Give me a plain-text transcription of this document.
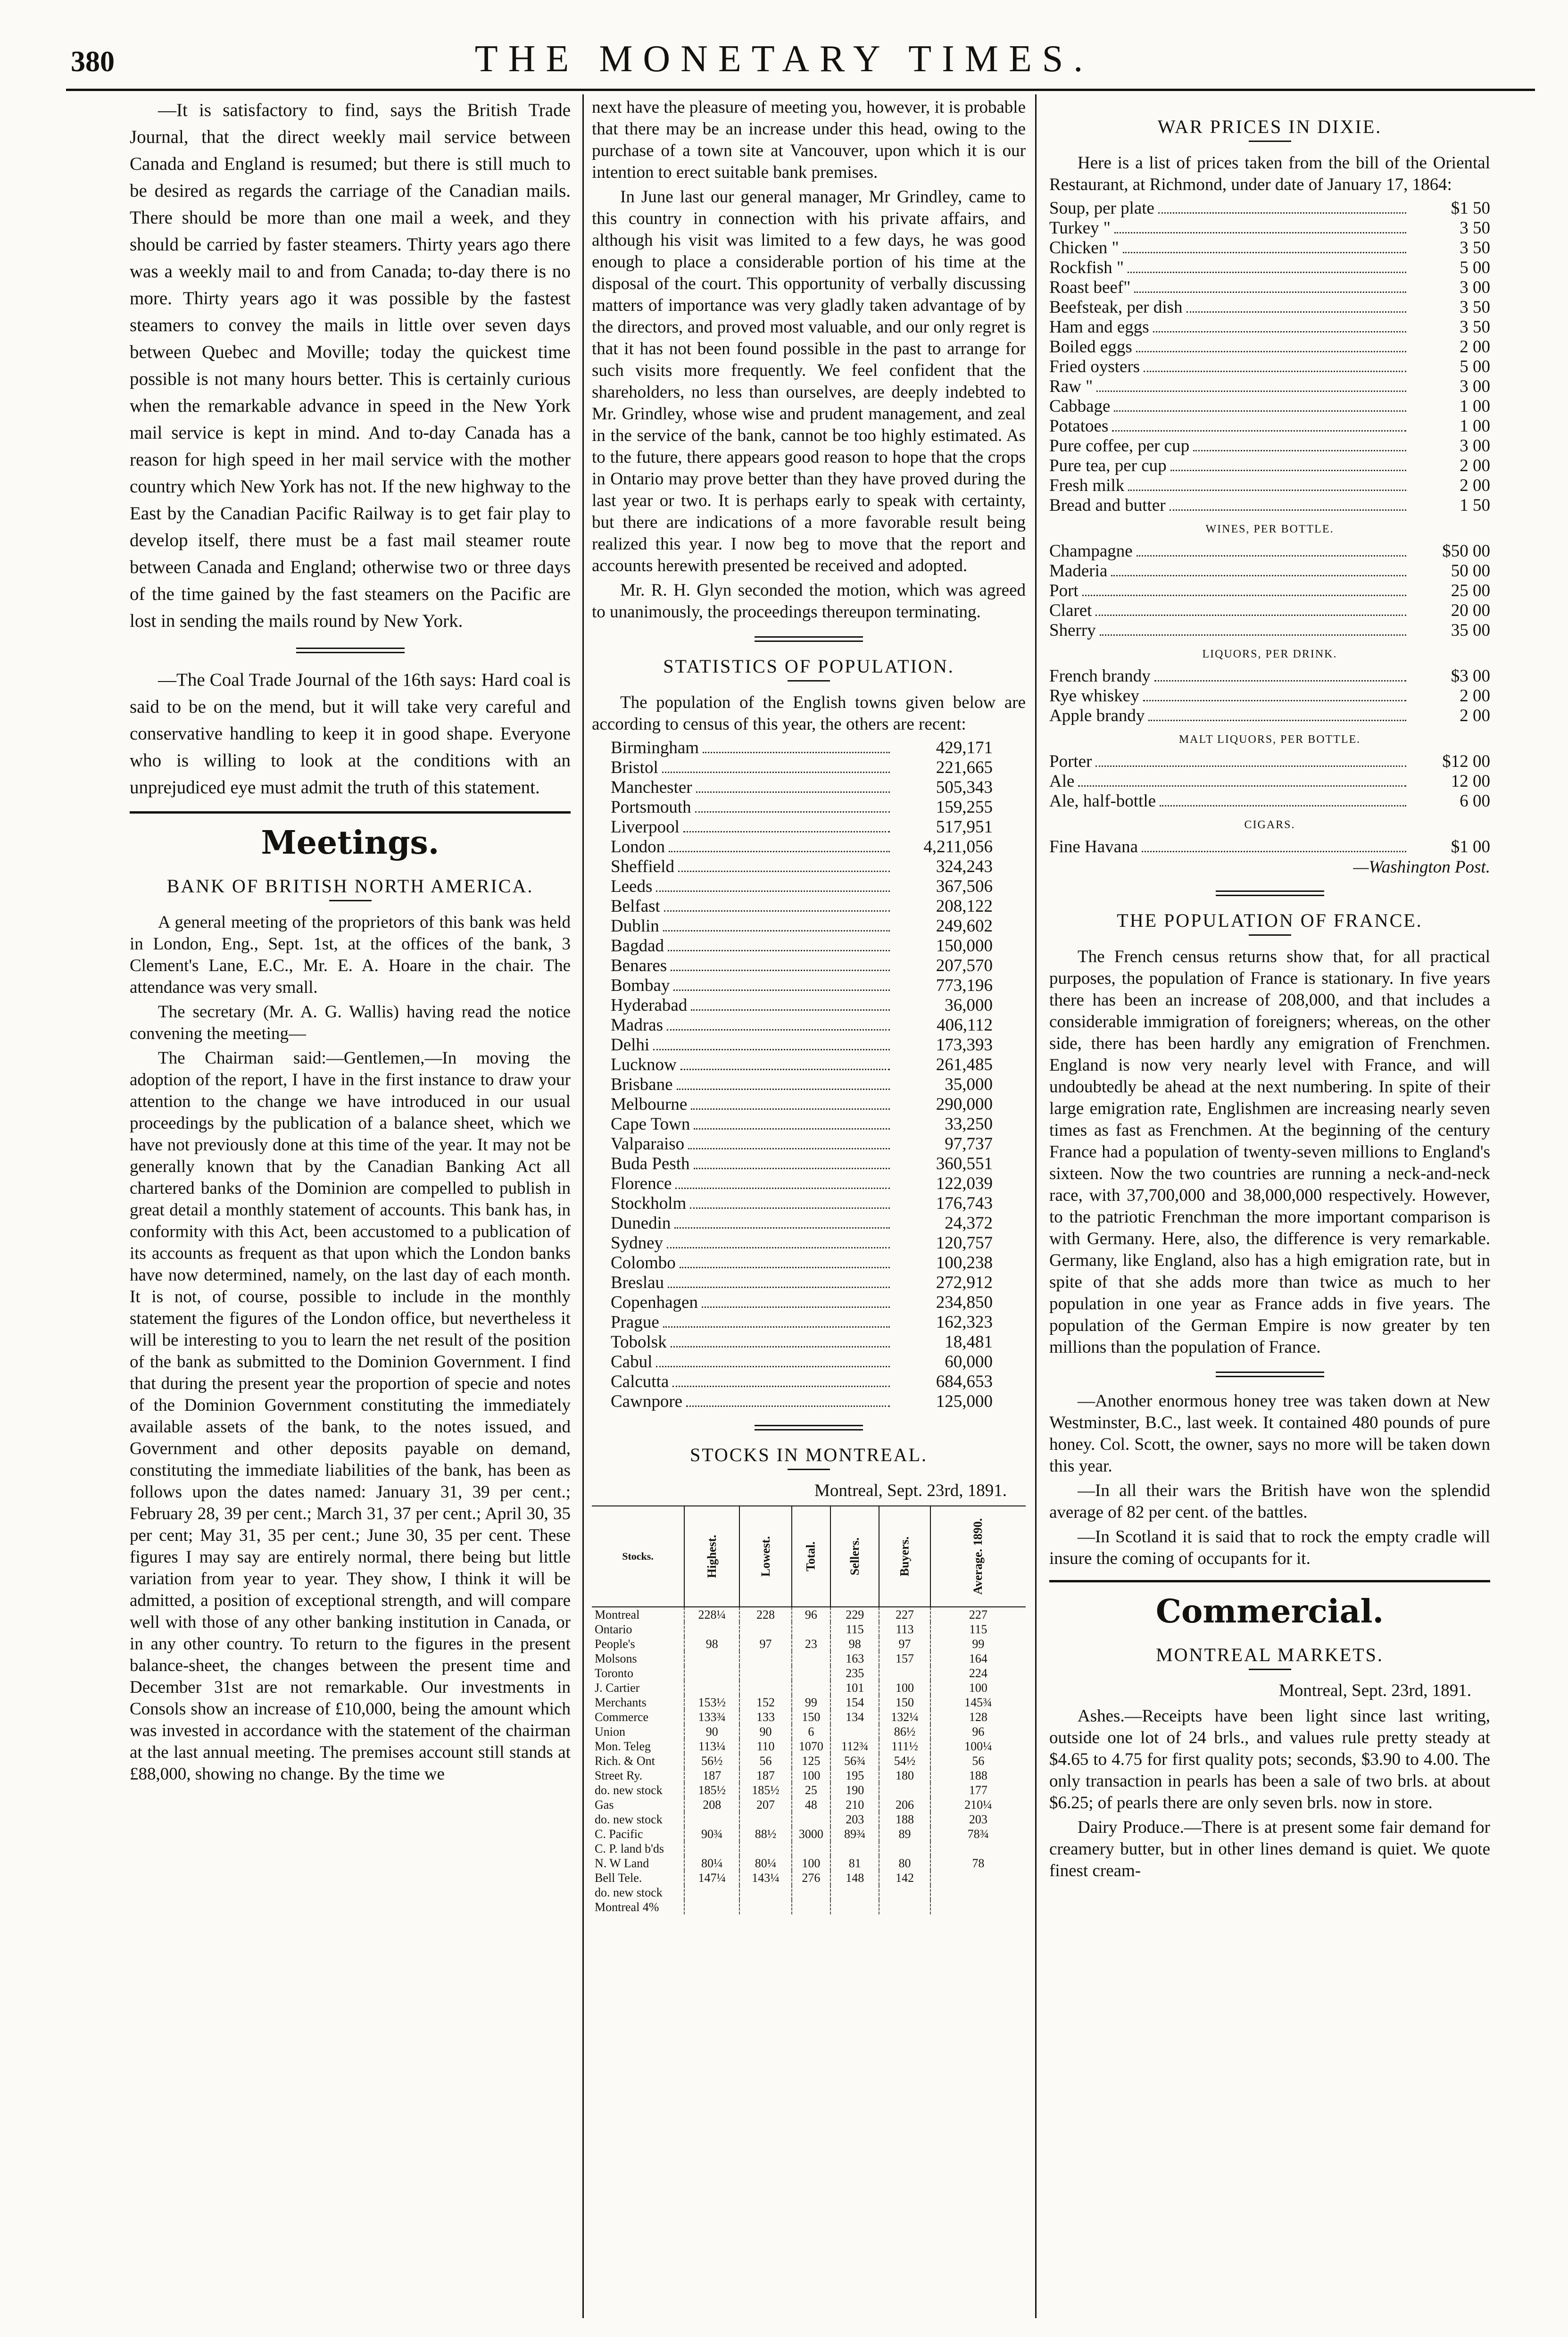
380	THE MONETARY TIMES.

—It is satisfactory to find, says the British Trade Journal, that the direct weekly mail service between Canada and England is resumed; but there is still much to be desired as regards the carriage of the Canadian mails. There should be more than one mail a week, and they should be carried by faster steamers. Thirty years ago there was a weekly mail to and from Canada; to-day there is no more. Thirty years ago it was possible by the fastest steamers to convey the mails in little over seven days between Quebec and Moville; today the quickest time possible is not many hours better. This is certainly curious when the remarkable advance in speed in the New York mail service is kept in mind. And to-day Canada has a reason for high speed in her mail service with the mother country which New York has not. If the new highway to the East by the Canadian Pacific Railway is to get fair play to develop itself, there must be a fast mail steamer route between Canada and England; otherwise two or three days of the time gained by the fast steamers on the Pacific are lost in sending the mails round by New York.

—The Coal Trade Journal of the 16th says: Hard coal is said to be on the mend, but it will take very careful and conservative handling to keep it in good shape. Everyone who is willing to look at the conditions with an unprejudiced eye must admit the truth of this statement.

Meetings.
BANK OF BRITISH NORTH AMERICA.

A general meeting of the proprietors of this bank was held in London, Eng., Sept. 1st, at the offices of the bank, 3 Clement's Lane, E.C., Mr. E. A. Hoare in the chair. The attendance was very small.

The secretary (Mr. A. G. Wallis) having read the notice convening the meeting—

The Chairman said:—Gentlemen,—In moving the adoption of the report, I have in the first instance to draw your attention to the change we have introduced in our usual proceedings by the publication of a balance sheet, which we have not previously done at this time of the year. It may not be generally known that by the Canadian Banking Act all chartered banks of the Dominion are compelled to publish in great detail a monthly statement of accounts. This bank has, in conformity with this Act, been accustomed to a publication of its accounts as frequent as that upon which the London banks have now determined, namely, on the last day of each month. It is not, of course, possible to include in the monthly statement the figures of the London office, but nevertheless it will be interesting to you to learn the net result of the position of the bank as submitted to the Dominion Government. I find that during the present year the proportion of specie and notes of the Dominion Government constituting the immediately available assets of the bank, to the notes issued, and Government and other deposits payable on demand, constituting the immediate liabilities of the bank, has been as follows upon the dates named: January 31, 39 per cent.; February 28, 39 per cent.; March 31, 37 per cent.; April 30, 35 per cent; May 31, 35 per cent.; June 30, 35 per cent. These figures I may say are entirely normal, there being but little variation from year to year. They show, I think it will be admitted, a position of exceptional strength, and will compare well with those of any other banking institution in Canada, or in any other country. To return to the figures in the present balance-sheet, the changes between the present time and December 31st are not remarkable. Our investments in Consols show an increase of £10,000, being the amount which was invested in accordance with the statement of the chairman at the last annual meeting. The premises account still stands at £88,000, showing no change. By the time we

next have the pleasure of meeting you, however, it is probable that there may be an increase under this head, owing to the purchase of a town site at Vancouver, upon which it is our intention to erect suitable bank premises.

In June last our general manager, Mr Grindley, came to this country in connection with his private affairs, and although his visit was limited to a few days, he was good enough to place a considerable portion of his time at the disposal of the court. This opportunity of verbally discussing matters of importance was very gladly taken advantage of by the directors, and proved most valuable, and our only regret is that it has not been found possible in the past to arrange for such visits more frequently. We feel confident that the shareholders, no less than ourselves, are deeply indebted to Mr. Grindley, whose wise and prudent management, and zeal in the service of the bank, cannot be too highly estimated. As to the future, there appears good reason to hope that the crops in Ontario may prove better than they have proved during the last year or two. It is perhaps early to speak with certainty, but there are indications of a more favorable result being realized this year. I now beg to move that the report and accounts herewith presented be received and adopted.

Mr. R. H. Glyn seconded the motion, which was agreed to unanimously, the proceedings thereupon terminating.

STATISTICS OF POPULATION.

The population of the English towns given below are according to census of this year, the others are recent:

Birmingham	429,171
Bristol	221,665
Manchester	505,343
Portsmouth	159,255
Liverpool	517,951
London	4,211,056
Sheffield	324,243
Leeds	367,506
Belfast	208,122
Dublin	249,602
Bagdad	150,000
Benares	207,570
Bombay	773,196
Hyderabad	36,000
Madras	406,112
Delhi	173,393
Lucknow	261,485
Brisbane	35,000
Melbourne	290,000
Cape Town	33,250
Valparaiso	97,737
Buda Pesth	360,551
Florence	122,039
Stockholm	176,743
Dunedin	24,372
Sydney	120,757
Colombo	100,238
Breslau	272,912
Copenhagen	234,850
Prague	162,323
Tobolsk	18,481
Cabul	60,000
Calcutta	684,653
Cawnpore	125,000
STOCKS IN MONTREAL.
Montreal, Sept. 23rd, 1891.
Stocks.	Highest.	Lowest.	Total.	Sellers.	Buyers.	Average. 1890.
Montreal	228¼	228	96	229	227	227
Ontario				115	113	115
People's	98	97	23	98	97	99
Molsons				163	157	164
Toronto				235		224
J. Cartier				101	100	100
Merchants	153½	152	99	154	150	145¾
Commerce	133¾	133	150	134	132¼	128
Union	90	90	6		86½	96
Mon. Teleg	113¼	110	1070	112¾	111½	100¼
Rich. & Ont	56½	56	125	56¾	54½	56
Street Ry.	187	187	100	195	180	188
do. new stock	185½	185½	25	190		177
Gas	208	207	48	210	206	210¼
do. new stock				203	188	203
C. Pacific	90¾	88½	3000	89¾	89	78¾
C. P. land b'ds						
N. W Land	80¼	80¼	100	81	80	78
Bell Tele.	147¼	143¼	276	148	142	
do. new stock						
Montreal 4%						
WAR PRICES IN DIXIE.

Here is a list of prices taken from the bill of the Oriental Restaurant, at Richmond, under date of January 17, 1864:

Soup, per plate	$1 50
Turkey "	3 50
Chicken "	3 50
Rockfish "	5 00
Roast beef"	3 00
Beefsteak, per dish	3 50
Ham and eggs	3 50
Boiled eggs	2 00
Fried oysters	5 00
Raw "	3 00
Cabbage	1 00
Potatoes	1 00
Pure coffee, per cup	3 00
Pure tea, per cup	2 00
Fresh milk	2 00
Bread and butter	1 50
WINES, PER BOTTLE.
Champagne	$50 00
Maderia	50 00
Port	25 00
Claret	20 00
Sherry	35 00
LIQUORS, PER DRINK.
French brandy	$3 00
Rye whiskey	2 00
Apple brandy	2 00
MALT LIQUORS, PER BOTTLE.
Porter	$12 00
Ale	12 00
Ale, half-bottle	6 00
CIGARS.
Fine Havana	$1 00
—Washington Post.
THE POPULATION OF FRANCE.

The French census returns show that, for all practical purposes, the population of France is stationary. In five years there has been an increase of 208,000, and that includes a considerable immigration of foreigners; whereas, on the other side, there has been hardly any emigration of Frenchmen. England is now very nearly level with France, and will undoubtedly be ahead at the next numbering. In spite of their large emigration rate, Englishmen are increasing nearly seven times as fast as Frenchmen. At the beginning of the century France had a population of twenty-seven millions to England's sixteen. Now the two countries are running a neck-and-neck race, with 37,700,000 and 38,000,000 respectively. However, to the patriotic Frenchman the more important comparison is with Germany. Here, also, the difference is very remarkable. Germany, like England, also has a high emigration rate, but in spite of that she adds more than twice as much to her population in one year as France adds in five years. The population of the German Empire is now greater by ten millions than the population of France.

—Another enormous honey tree was taken down at New Westminster, B.C., last week. It contained 480 pounds of pure honey. Col. Scott, the owner, says no more will be taken down this year.

—In all their wars the British have won the splendid average of 82 per cent. of the battles.

—In Scotland it is said that to rock the empty cradle will insure the coming of occupants for it.

Commercial.
MONTREAL MARKETS.
Montreal, Sept. 23rd, 1891.

Ashes.—Receipts have been light since last writing, outside one lot of 24 brls., and values rule pretty steady at $4.65 to 4.75 for first quality pots; seconds, $3.90 to 4.00. The only transaction in pearls has been a sale of two brls. at about $6.25; of pearls there are only seven brls. now in store.

Dairy Produce.—There is at present some fair demand for creamery butter, but in other lines demand is quiet. We quote finest cream-
